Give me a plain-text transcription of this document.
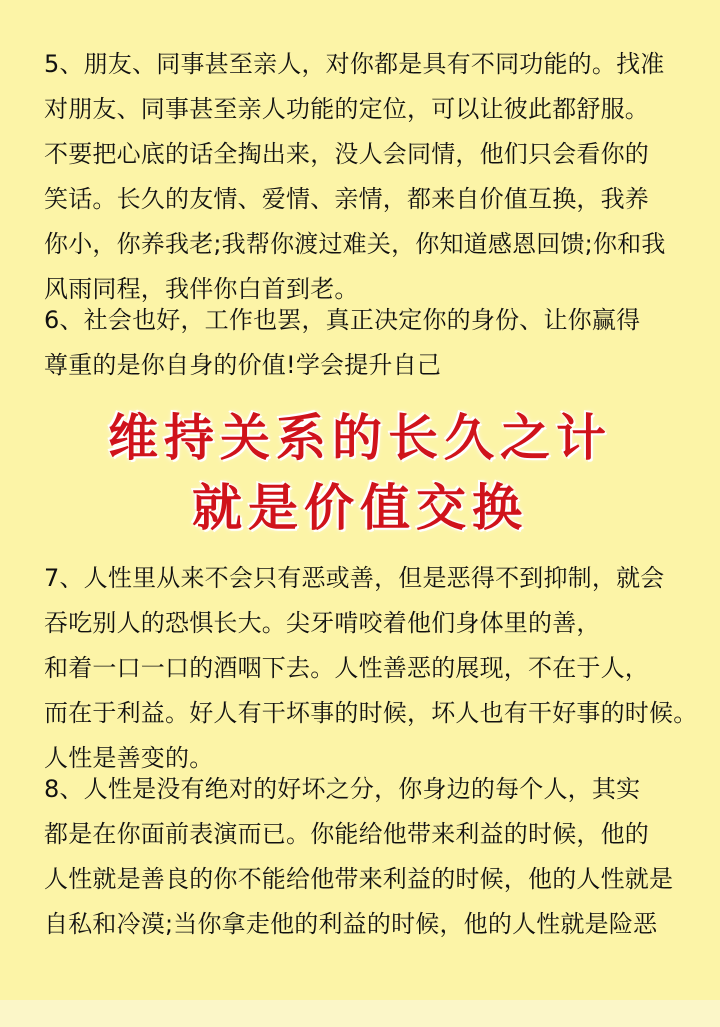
5、朋友、同事甚至亲人，对你都是具有不同功能的。找准
对朋友、同事甚至亲人功能的定位，可以让彼此都舒服。
不要把心底的话全掏出来，没人会同情，他们只会看你的
笑话。长久的友情、爱情、亲情，都来自价值互换，我养
你小，你养我老;我帮你渡过难关，你知道感恩回馈;你和我
风雨同程，我伴你白首到老。
6、社会也好，工作也罢，真正决定你的身份、让你赢得
尊重的是你自身的价值!学会提升自己
维持关系的长久之计
就是价值交换
7、人性里从来不会只有恶或善，但是恶得不到抑制，就会
吞吃别人的恐惧长大。尖牙啃咬着他们身体里的善，
和着一口一口的酒咽下去。人性善恶的展现，不在于人，
而在于利益。好人有干坏事的时候，坏人也有干好事的时候。
人性是善变的。
8、人性是没有绝对的好坏之分，你身边的每个人，其实
都是在你面前表演而已。你能给他带来利益的时候，他的
人性就是善良的你不能给他带来利益的时候，他的人性就是
自私和冷漠;当你拿走他的利益的时候，他的人性就是险恶
